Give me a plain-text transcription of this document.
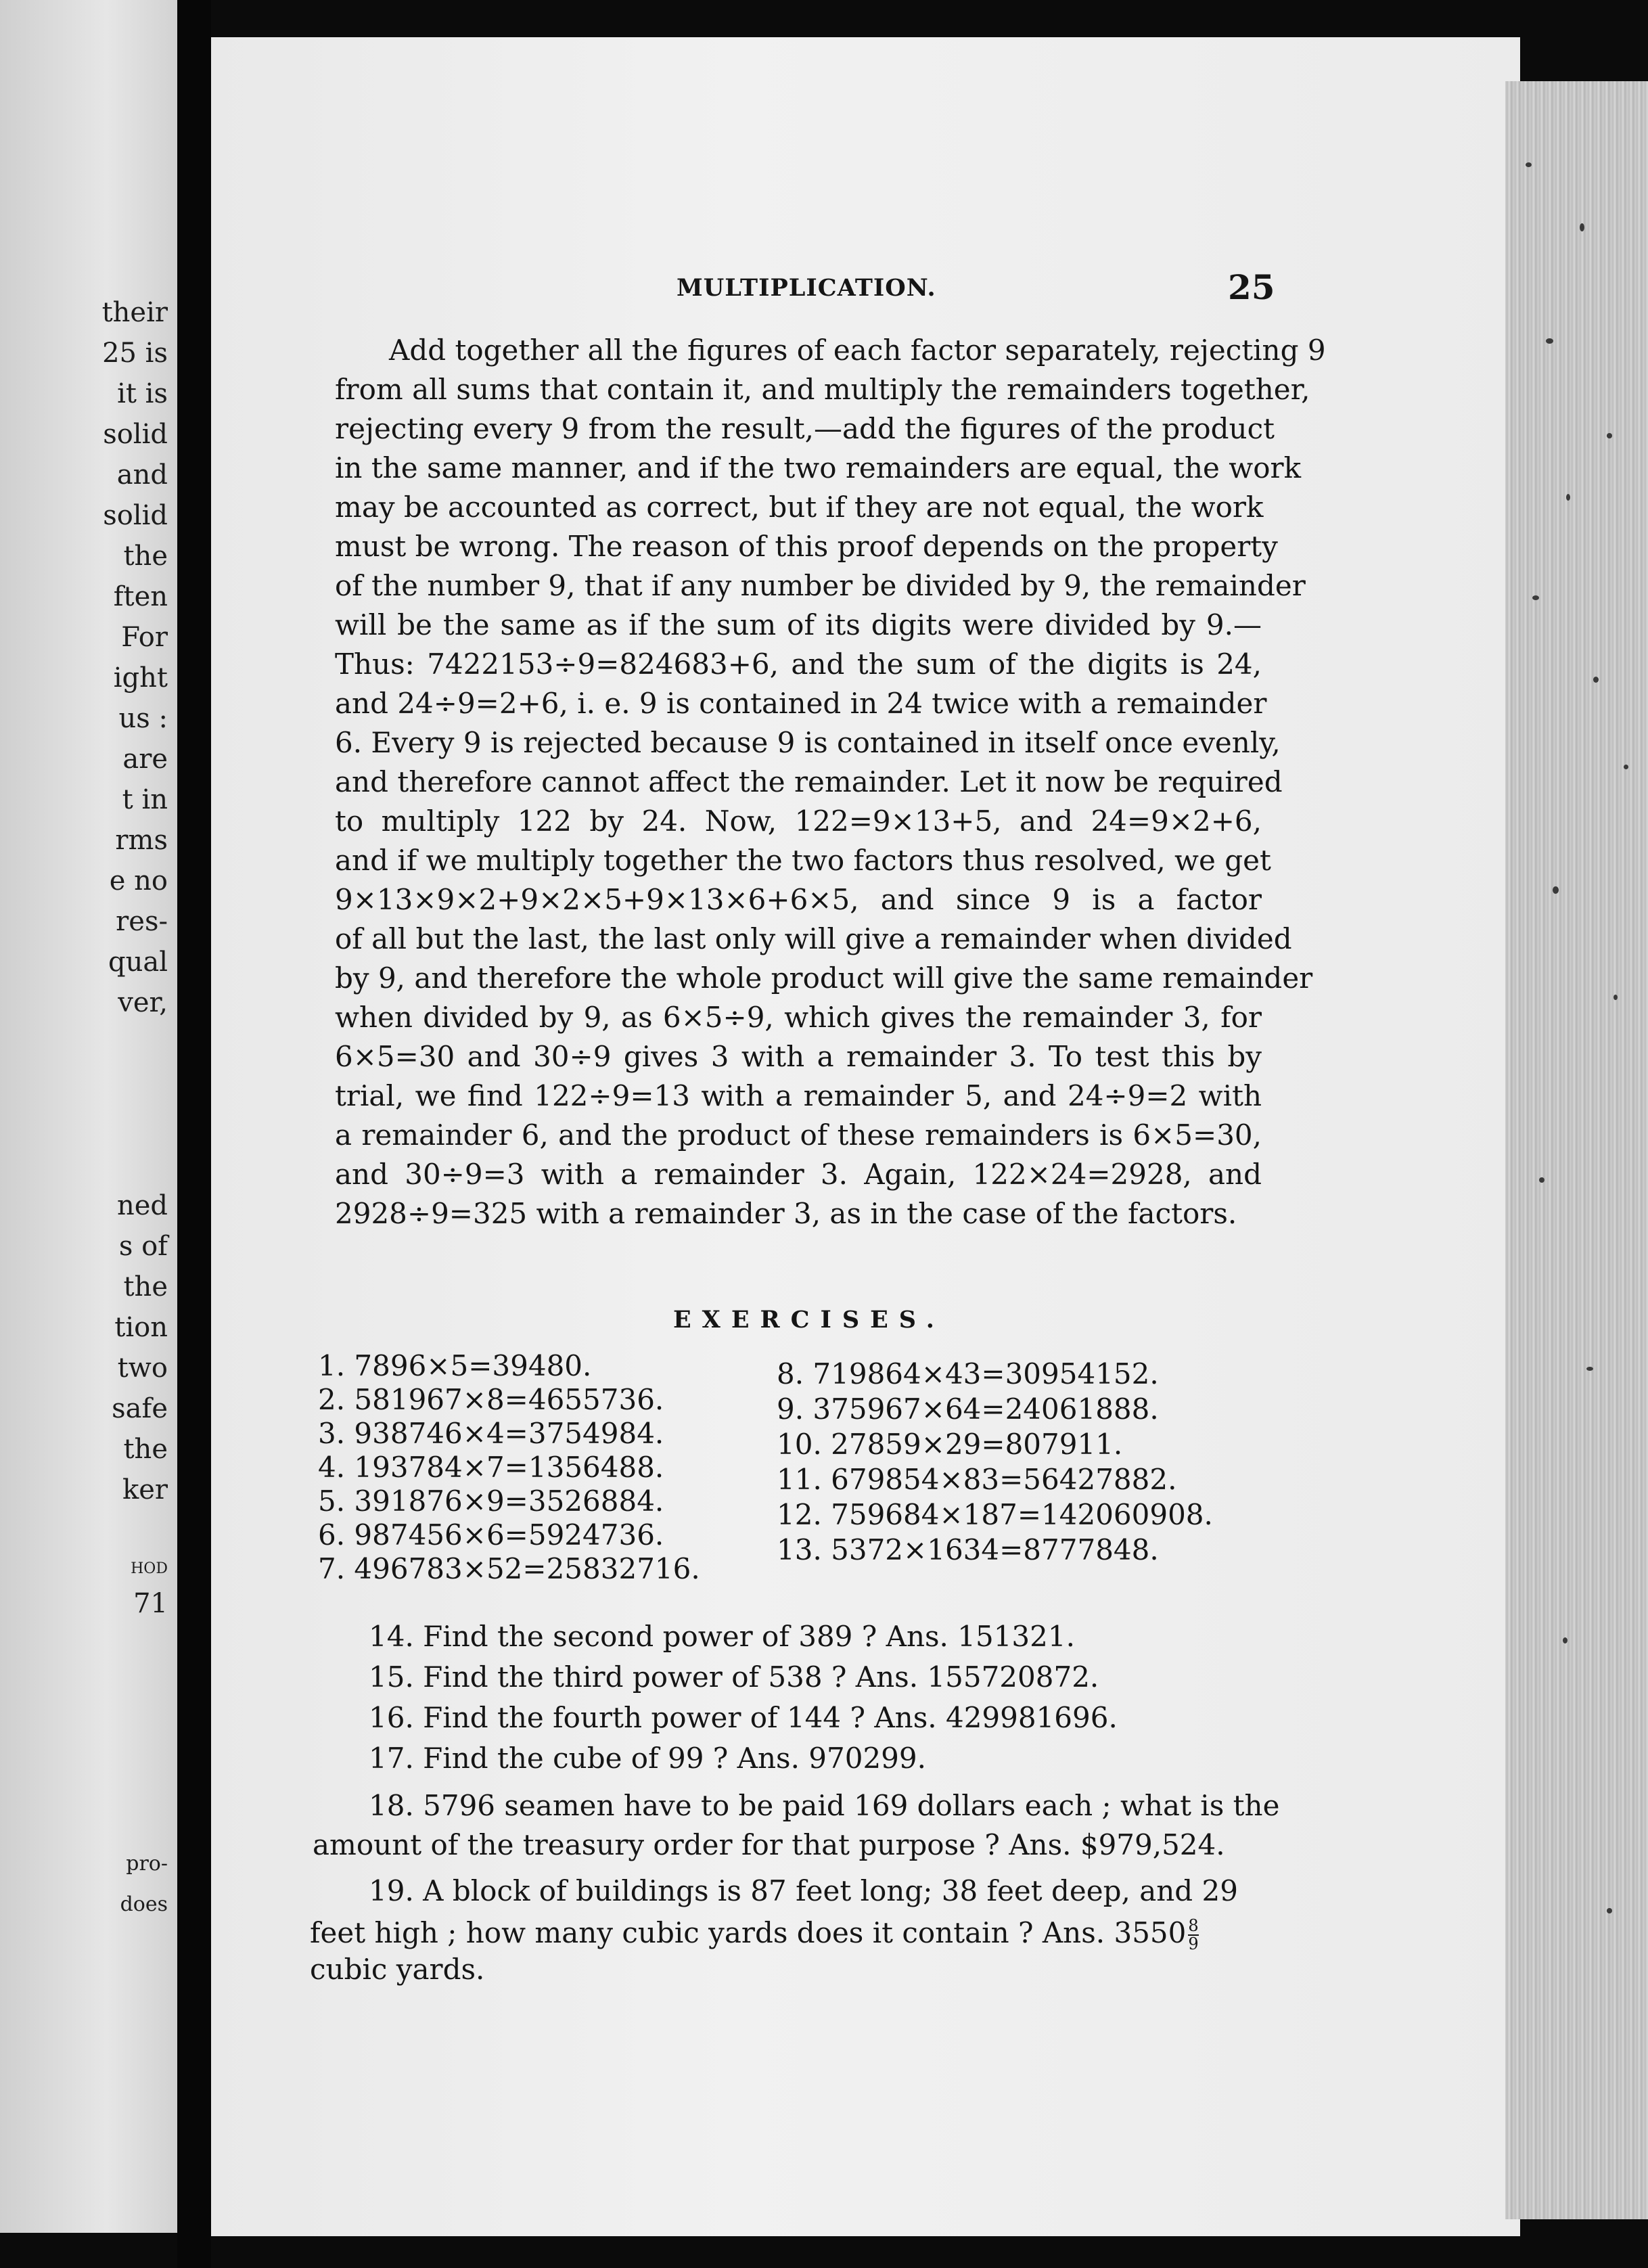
their
25 is
it is
solid
and
solid
the
ften
For
ight
us :
are
t in
rms
e no
res-
qual
ver,
ned
s of
the
tion
two
safe
the
ker
HOD
71
pro-
does
MULTIPLICATION.	25
Add together all the figures of each factor separately, rejecting 9
from all sums that contain it, and multiply the remainders together,
rejecting every 9 from the result,—add the figures of the product
in the same manner, and if the two remainders are equal, the work
may be accounted as correct, but if they are not equal, the work
must be wrong. The reason of this proof depends on the property
of the number 9, that if any number be divided by 9, the remainder
will be the same as if the sum of its digits were divided by 9.—
Thus: 7422153÷9=824683+6, and the sum of the digits is 24,
and 24÷9=2+6, i. e. 9 is contained in 24 twice with a remainder
6. Every 9 is rejected because 9 is contained in itself once evenly,
and therefore cannot affect the remainder. Let it now be required
to multiply 122 by 24. Now, 122=9×13+5, and 24=9×2+6,
and if we multiply together the two factors thus resolved, we get
9×13×9×2+9×2×5+9×13×6+6×5, and since 9 is a factor
of all but the last, the last only will give a remainder when divided
by 9, and therefore the whole product will give the same remainder
when divided by 9, as 6×5÷9, which gives the remainder 3, for
6×5=30 and 30÷9 gives 3 with a remainder 3. To test this by
trial, we find 122÷9=13 with a remainder 5, and 24÷9=2 with
a remainder 6, and the product of these remainders is 6×5=30,
and 30÷9=3 with a remainder 3. Again, 122×24=2928, and
2928÷9=325 with a remainder 3, as in the case of the factors.
EXERCISES.
1. 7896×5=39480.
2. 581967×8=4655736.
3. 938746×4=3754984.
4. 193784×7=1356488.
5. 391876×9=3526884.
6. 987456×6=5924736.
7. 496783×52=25832716.
8. 719864×43=30954152.
9. 375967×64=24061888.
10. 27859×29=807911.
11. 679854×83=56427882.
12. 759684×187=142060908.
13. 5372×1634=8777848.
14. Find the second power of 389 ? Ans. 151321.
15. Find the third power of 538 ? Ans. 155720872.
16. Find the fourth power of 144 ? Ans. 429981696.
17. Find the cube of 99 ? Ans. 970299.
18. 5796 seamen have to be paid 169 dollars each ; what is the
amount of the treasury order for that purpose ? Ans. $979,524.
19. A block of buildings is 87 feet long; 38 feet deep, and 29
feet high ; how many cubic yards does it contain ? Ans. $3550 \frac{8}{9}$
cubic yards.
